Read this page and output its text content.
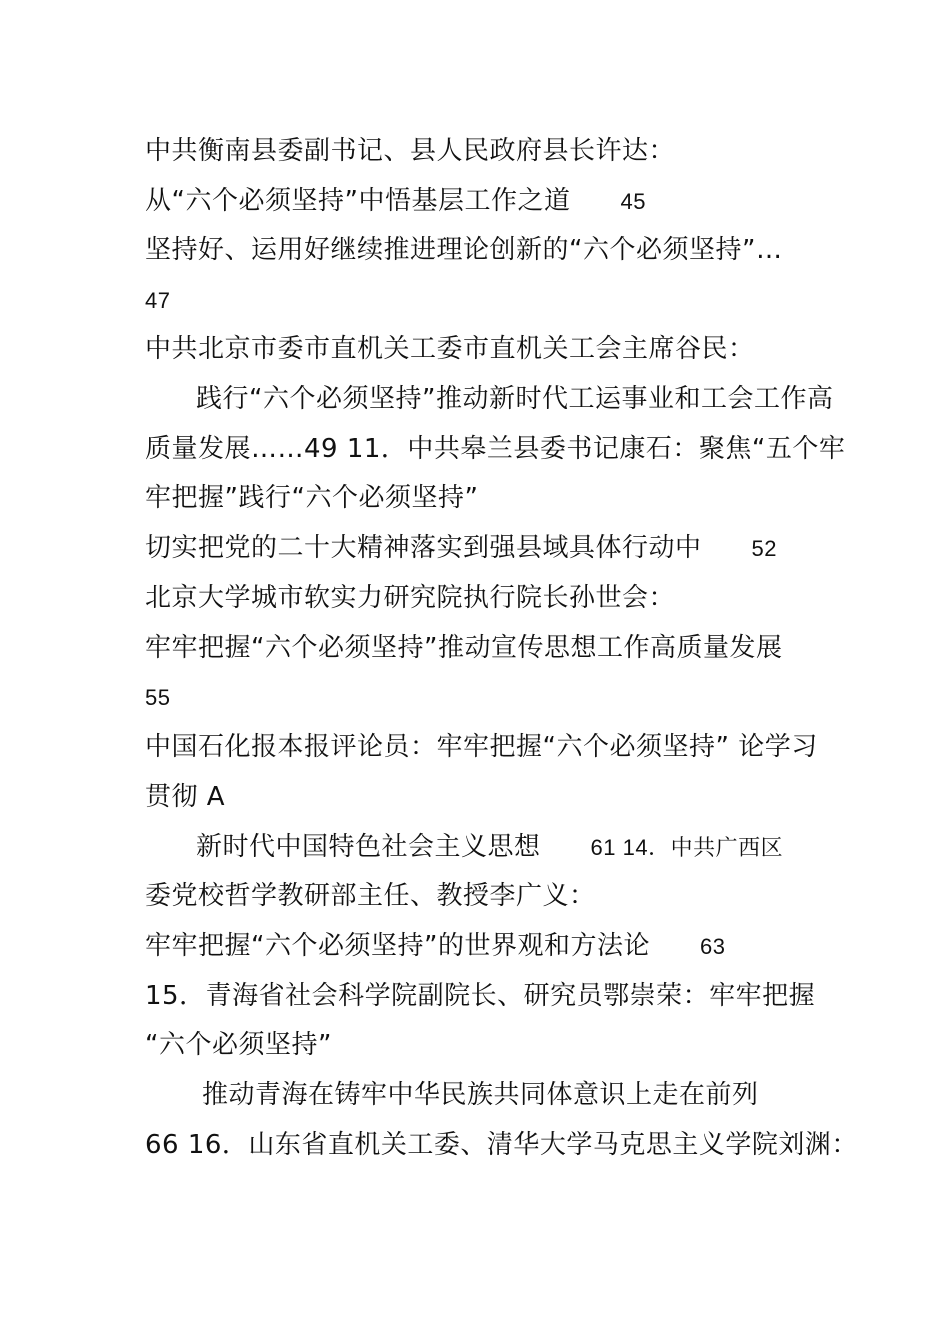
中共衡南县委副书记、县人民政府县长许达：
从“六个必须坚持”中悟基层工作之道 45
坚持好、运用好继续推进理论创新的“六个必须坚持”…
47
中共北京市委市直机关工委市直机关工会主席谷民：
践行“六个必须坚持”推动新时代工运事业和工会工作高
质量发展……49 11．中共皋兰县委书记康石：聚焦“五个牢
牢把握”践行“六个必须坚持”
切实把党的二十大精神落实到强县域具体行动中 52
北京大学城市软实力研究院执行院长孙世会：
牢牢把握“六个必须坚持”推动宣传思想工作高质量发展
55
中国石化报本报评论员：牢牢把握“六个必须坚持” 论学习
贯彻 A
新时代中国特色社会主义思想 61 14．中共广西区
委党校哲学教研部主任、教授李广义：
牢牢把握“六个必须坚持”的世界观和方法论 63
15．青海省社会科学院副院长、研究员鄂崇荣：牢牢把握
“六个必须坚持”
推动青海在铸牢中华民族共同体意识上走在前列
66 16．山东省直机关工委、清华大学马克思主义学院刘渊：
